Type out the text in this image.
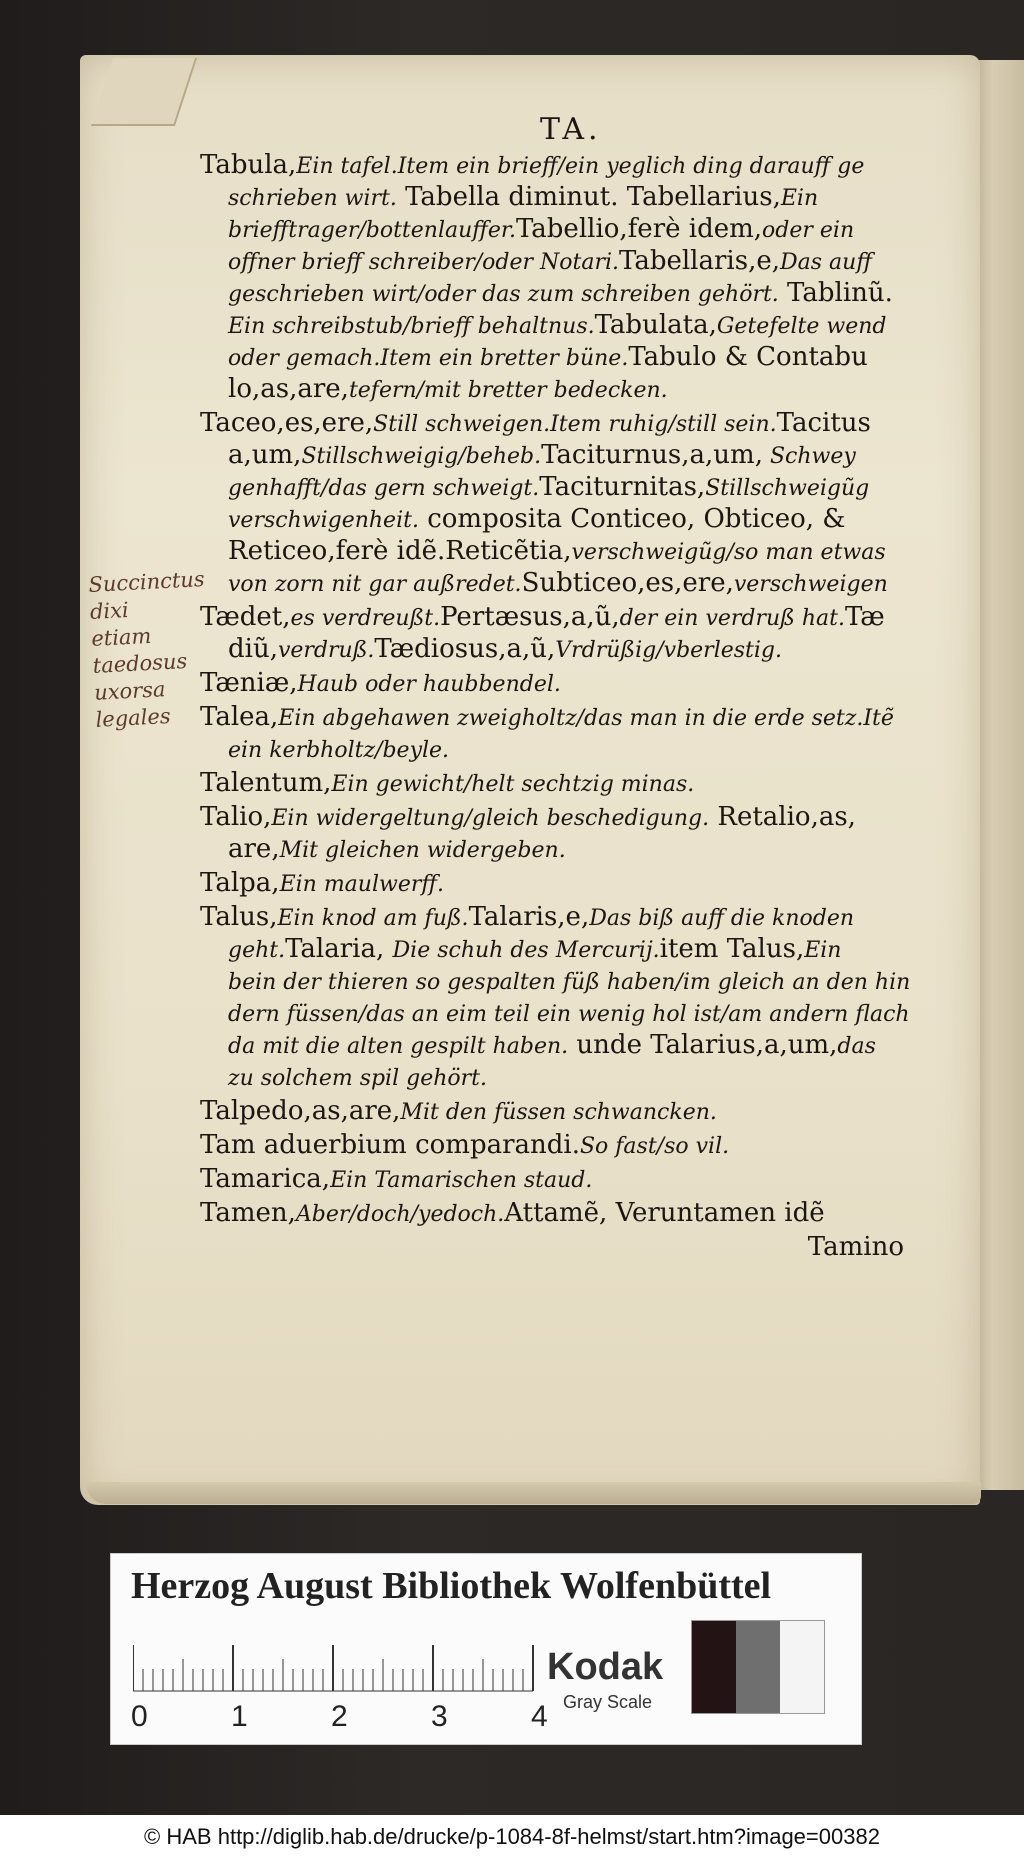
TA.
Tabula,Ein tafel.Item ein brieff/ein yeglich ding darauff ge
schrieben wirt. Tabella diminut. Tabellarius,Ein
briefftrager/bottenlauffer.Tabellio,ferè idem,oder ein
offner brieff schreiber/oder Notari.Tabellaris,e,Das auff
geschrieben wirt/oder das zum schreiben gehört. Tablinũ.
Ein schreibstub/brieff behaltnus.Tabulata,Getefelte wend
oder gemach.Item ein bretter büne.Tabulo & Contabu
lo,as,are,tefern/mit bretter bedecken.
Taceo,es,ere,Still schweigen.Item ruhig/still sein.Tacitus
a,um,Stillschweigig/beheb.Taciturnus,a,um, Schwey
genhafft/das gern schweigt.Taciturnitas,Stillschweigũg
verschwigenheit. composita Conticeo, Obticeo, &
Reticeo,ferè idẽ.Reticẽtia,verschweigũg/so man etwas
von zorn nit gar außredet.Subticeo,es,ere,verschweigen
Tædet,es verdreußt.Pertæsus,a,ũ,der ein verdruß hat.Tæ
diũ,verdruß.Tædiosus,a,ũ,Vrdrüßig/vberlestig.
Tæniæ,Haub oder haubbendel.
Talea,Ein abgehawen zweigholtz/das man in die erde setz.Itẽ
ein kerbholtz/beyle.
Talentum,Ein gewicht/helt sechtzig minas.
Talio,Ein widergeltung/gleich beschedigung. Retalio,as,
are,Mit gleichen widergeben.
Talpa,Ein maulwerff.
Talus,Ein knod am fuß.Talaris,e,Das biß auff die knoden
geht.Talaria, Die schuh des Mercurij.item Talus,Ein
bein der thieren so gespalten füß haben/im gleich an den hin
dern füssen/das an eim teil ein wenig hol ist/am andern flach
da mit die alten gespilt haben. unde Talarius,a,um,das
zu solchem spil gehört.
Talpedo,as,are,Mit den füssen schwancken.
Tam aduerbium comparandi.So fast/so vil.
Tamarica,Ein Tamarischen staud.
Tamen,Aber/doch/yedoch.Attamẽ, Veruntamen idẽ
Tamino
Succinctus dixi
etiam
taedosus uxorsa
legales
Herzog August Bibliothek Wolfenbüttel
0	1	2	3	4
Kodak
Gray Scale
© HAB http://diglib.hab.de/drucke/p-1084-8f-helmst/start.htm?image=00382
